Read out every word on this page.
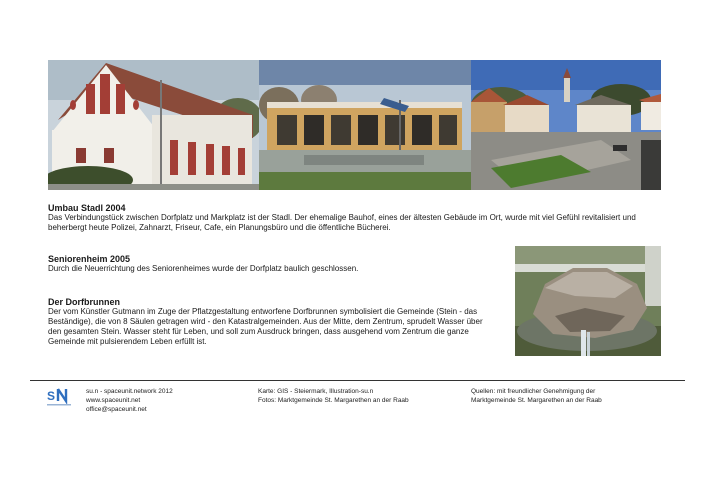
Umbau Stadl 2004

Das Verbindungstück zwischen Dorfplatz und Markplatz ist der Stadl. Der ehemalige Bauhof, eines der ältesten Gebäude im Ort, wurde mit viel Gefühl revitalisiert und beherbergt heute Polizei, Zahnarzt, Friseur, Cafe, ein Planungsbüro und die öffentliche Bücherei.

Seniorenheim 2005

Durch die Neuerrichtung des Seniorenheimes wurde der Dorfplatz baulich geschlossen.

Der Dorfbrunnen

Der vom Künstler Gutmann im Zuge der Pflatzgestaltung entworfene Dorfbrunnen symbolisiert die Gemeinde (Stein - das Beständige), die von 8 Säulen getragen wird - den Katastralgemeinden. Aus der Mitte, dem Zentrum, sprudelt Wasser über den gesamten Stein. Wasser steht für Leben, und soll zum Ausdruck bringen, dass ausgehend vom Zentrum die ganze Gemeinde mit pulsierendem Leben erfüllt ist.

S	su.n - spaceunit.network 2012
www.spaceunit.net
office@spaceunit.net
Karte: GIS - Steiermark, Illustration-su.n
Fotos: Marktgemeinde St. Margarethen an der Raab
Quellen: mit freundlicher Genehmigung der
Marktgemeinde St. Margarethen an der Raab
